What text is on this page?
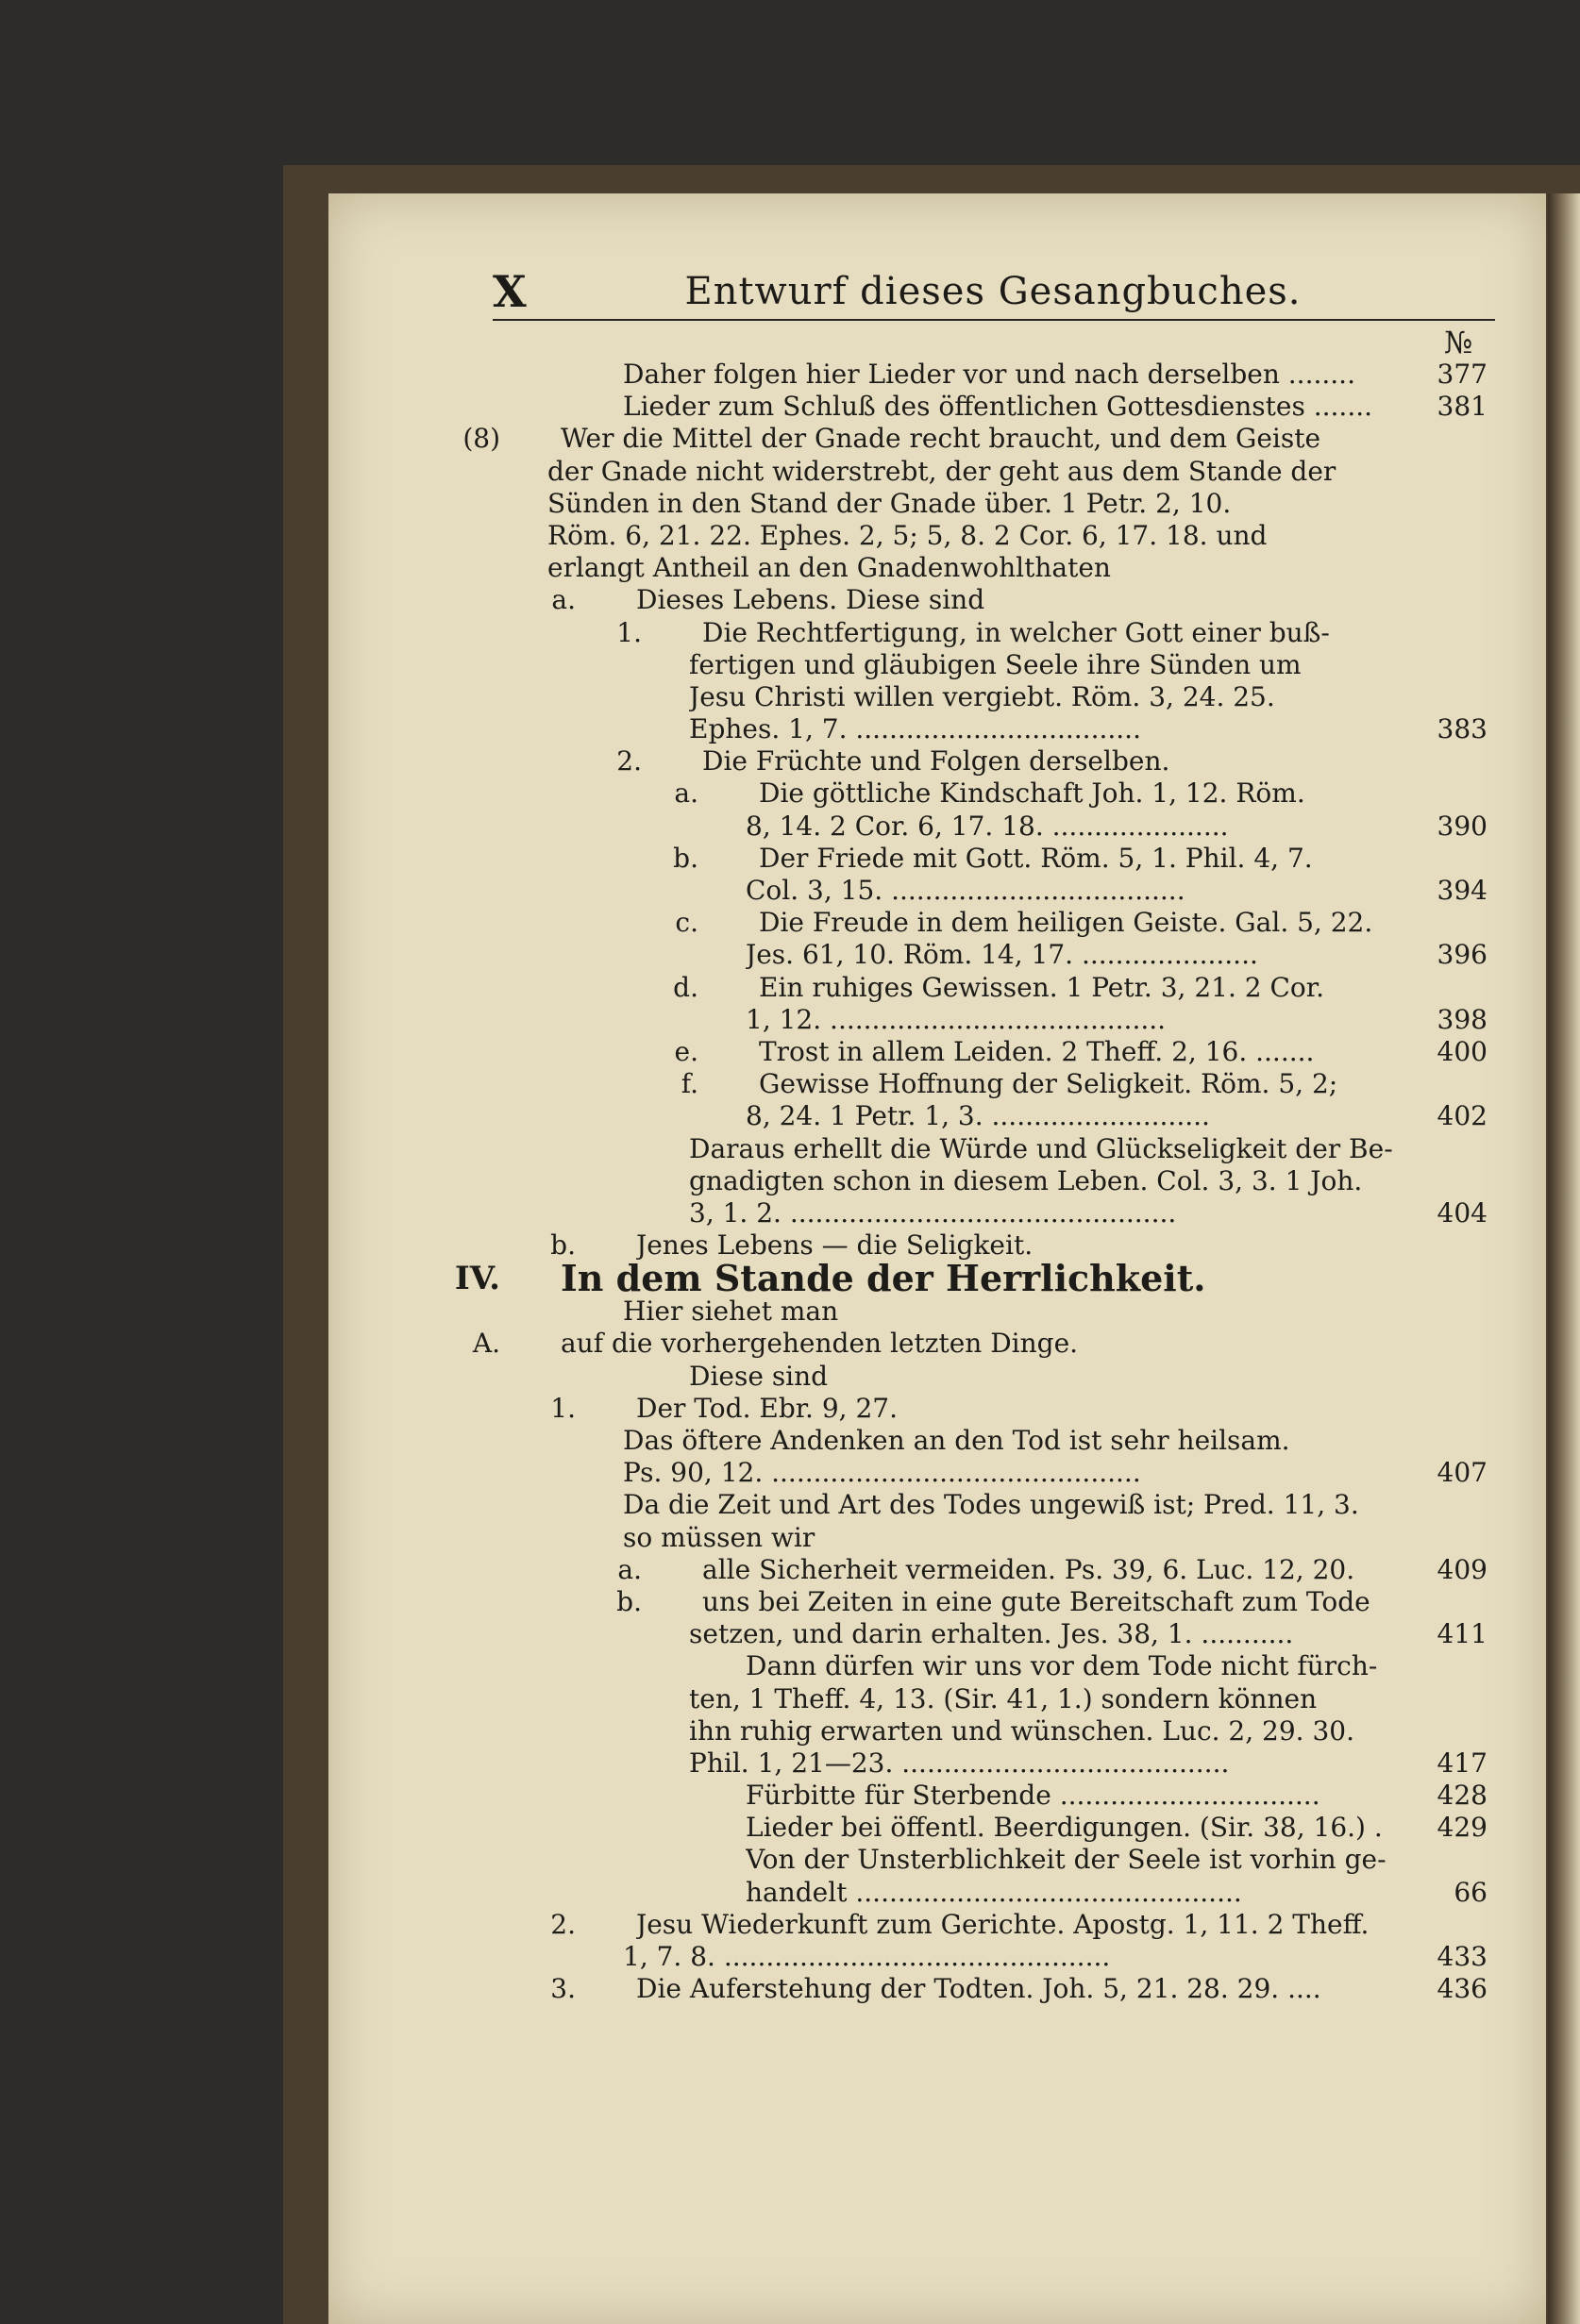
X	Entwurf dieses Gesangbuches.
№
Daher folgen hier Lieder vor und nach derselben ........	377
Lieder zum Schluß des öffentlichen Gottesdienstes .......	381
(8) Wer die Mittel der Gnade recht braucht, und dem Geiste
der Gnade nicht widerstrebt, der geht aus dem Stande der
Sünden in den Stand der Gnade über. 1 Petr. 2, 10.
Röm. 6, 21. 22. Ephes. 2, 5; 5, 8. 2 Cor. 6, 17. 18. und
erlangt Antheil an den Gnadenwohlthaten
a. Dieses Lebens. Diese sind
1. Die Rechtfertigung, in welcher Gott einer buß-
fertigen und gläubigen Seele ihre Sünden um
Jesu Christi willen vergiebt. Röm. 3, 24. 25.
Ephes. 1, 7. ..................................	383
2. Die Früchte und Folgen derselben.
a. Die göttliche Kindschaft Joh. 1, 12. Röm.
8, 14. 2 Cor. 6, 17. 18. .....................	390
b. Der Friede mit Gott. Röm. 5, 1. Phil. 4, 7.
Col. 3, 15. ...................................	394
c. Die Freude in dem heiligen Geiste. Gal. 5, 22.
Jes. 61, 10. Röm. 14, 17. .....................	396
d. Ein ruhiges Gewissen. 1 Petr. 3, 21. 2 Cor.
1, 12. ........................................	398
e. Trost in allem Leiden. 2 Theff. 2, 16. .......	400
f. Gewisse Hoffnung der Seligkeit. Röm. 5, 2;
8, 24. 1 Petr. 1, 3. ..........................	402
Daraus erhellt die Würde und Glückseligkeit der Be-
gnadigten schon in diesem Leben. Col. 3, 3. 1 Joh.
3, 1. 2. ..............................................	404
b. Jenes Lebens — die Seligkeit.
IV. In dem Stande der Herrlichkeit.
Hier siehet man
A. auf die vorhergehenden letzten Dinge.
Diese sind
1. Der Tod. Ebr. 9, 27.
Das öftere Andenken an den Tod ist sehr heilsam.
Ps. 90, 12. ............................................	407
Da die Zeit und Art des Todes ungewiß ist; Pred. 11, 3.
so müssen wir
a. alle Sicherheit vermeiden. Ps. 39, 6. Luc. 12, 20.	409
b. uns bei Zeiten in eine gute Bereitschaft zum Tode
setzen, und darin erhalten. Jes. 38, 1. ...........	411
Dann dürfen wir uns vor dem Tode nicht fürch-
ten, 1 Theff. 4, 13. (Sir. 41, 1.) sondern können
ihn ruhig erwarten und wünschen. Luc. 2, 29. 30.
Phil. 1, 21—23. .......................................	417
Fürbitte für Sterbende ...............................	428
Lieder bei öffentl. Beerdigungen. (Sir. 38, 16.) .	429
Von der Unsterblichkeit der Seele ist vorhin ge-
handelt ..............................................	66
2. Jesu Wiederkunft zum Gerichte. Apostg. 1, 11. 2 Theff.
1, 7. 8. ..............................................	433
3. Die Auferstehung der Todten. Joh. 5, 21. 28. 29. ....	436
